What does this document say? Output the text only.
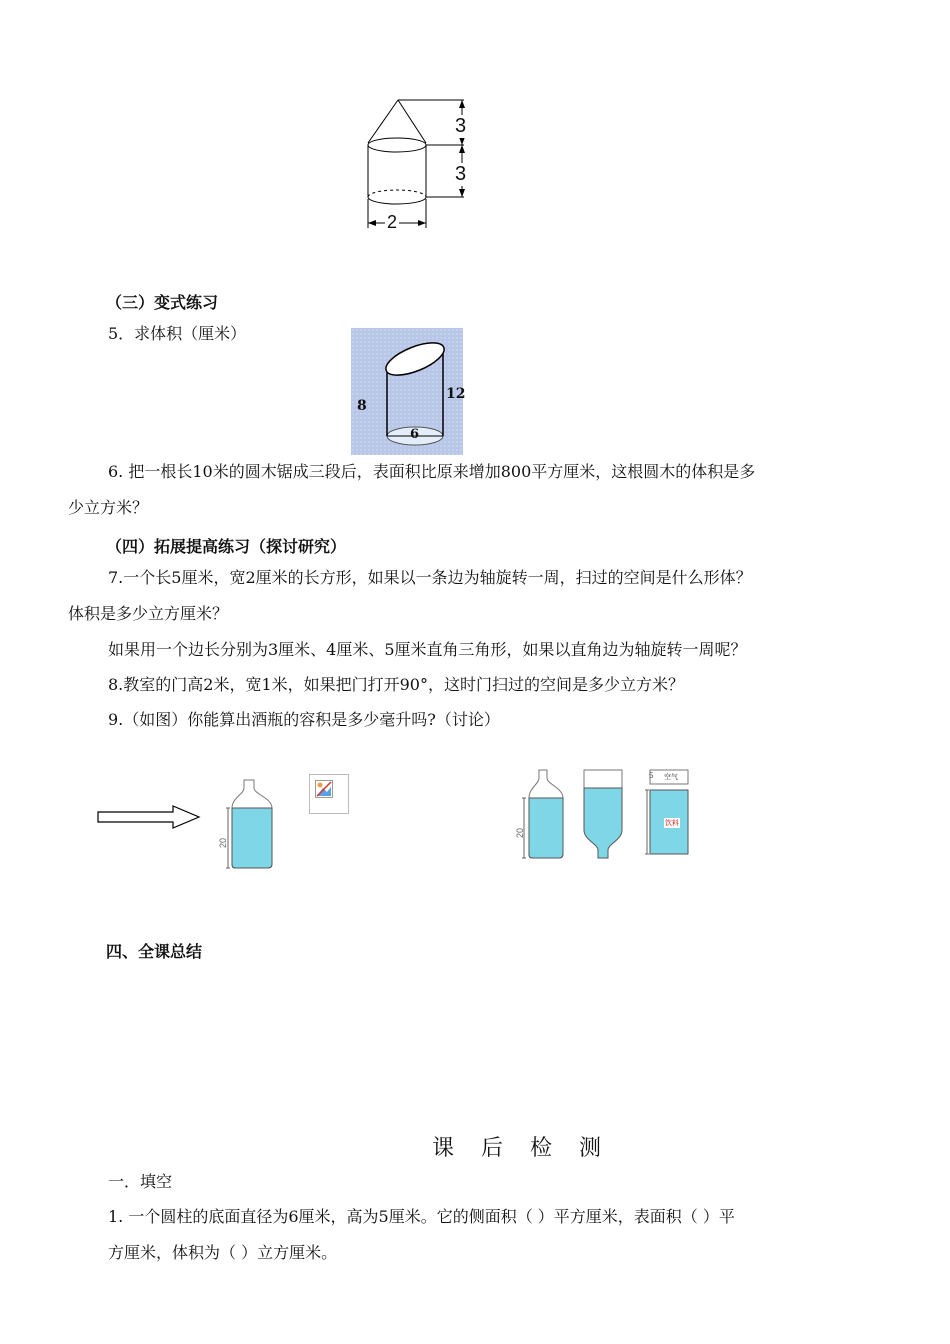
3
3
2
（三）变式练习
5．求体积（厘米）
8
12
6
6. 把一根长10米的圆木锯成三段后，表面积比原来增加800平方厘米，这根圆木的体积是多
少立方米？
（四）拓展提高练习（探讨研究）
7.一个长5厘米，宽2厘米的长方形，如果以一条边为轴旋转一周，扫过的空间是什么形体？
体积是多少立方厘米？
如果用一个边长分别为3厘米、4厘米、5厘米直角三角形，如果以直角边为轴旋转一周呢？
8.教室的门高2米，宽1米，如果把门打开90°，这时门扫过的空间是多少立方米？
9.（如图）你能算出酒瓶的容积是多少毫升吗?（讨论）
20
20
5 空气
饮料
四、全课总结
课 后 检 测
一．填空
1. 一个圆柱的底面直径为6厘米，高为5厘米。它的侧面积（ ）平方厘米，表面积（ ）平
方厘米，体积为（ ）立方厘米。
